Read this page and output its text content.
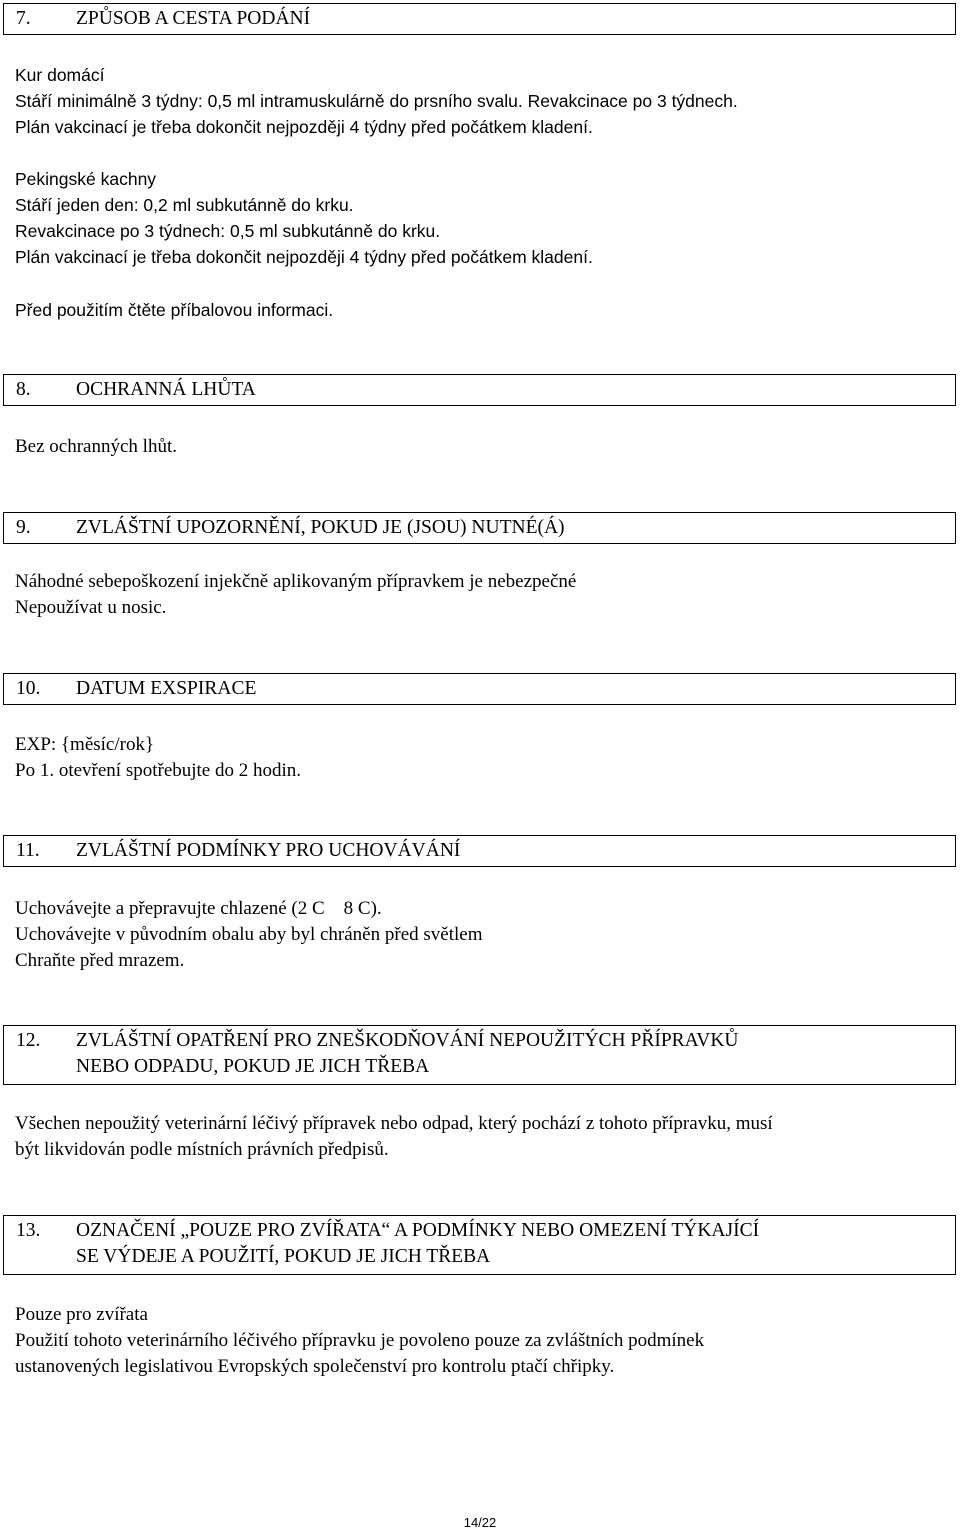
7. ZPŮSOB A CESTA PODÁNÍ
Kur domácí
Stáří minimálně 3 týdny: 0,5 ml intramuskulárně do prsního svalu. Revakcinace po 3 týdnech.
Plán vakcinací je třeba dokončit nejpozději 4 týdny před počátkem kladení.
Pekingské kachny
Stáří jeden den: 0,2 ml subkutánně do krku.
Revakcinace po 3 týdnech: 0,5 ml subkutánně do krku.
Plán vakcinací je třeba dokončit nejpozději 4 týdny před počátkem kladení.
Před použitím čtěte příbalovou informaci.
8. OCHRANNÁ LHŮTA
Bez ochranných lhůt.
9. ZVLÁŠTNÍ UPOZORNĚNÍ, POKUD JE (JSOU) NUTNÉ(Á)
Náhodné sebepoškození injekčně aplikovaným přípravkem je nebezpečné
Nepoužívat u nosic.
10. DATUM EXSPIRACE
EXP: {měsíc/rok}
Po 1. otevření spotřebujte do 2 hodin.
11. ZVLÁŠTNÍ PODMÍNKY PRO UCHOVÁVÁNÍ
Uchovávejte a přepravujte chlazené (2 C    8 C).
Uchovávejte v původním obalu aby byl chráněn před světlem
Chraňte před mrazem.
12. ZVLÁŠTNÍ OPATŘENÍ PRO ZNEŠKODŇOVÁNÍ NEPOUŽITÝCH PŘÍPRAVKŮ
NEBO ODPADU, POKUD JE JICH TŘEBA
Všechen nepoužitý veterinární léčivý přípravek nebo odpad, který pochází z tohoto přípravku, musí
být likvidován podle místních právních předpisů.
13. OZNAČENÍ „POUZE PRO ZVÍŘATA“ A PODMÍNKY NEBO OMEZENÍ TÝKAJÍCÍ
SE VÝDEJE A POUŽITÍ, POKUD JE JICH TŘEBA
Pouze pro zvířata
Použití tohoto veterinárního léčivého přípravku je povoleno pouze za zvláštních podmínek
ustanovených legislativou Evropských společenství pro kontrolu ptačí chřipky.
14/22
